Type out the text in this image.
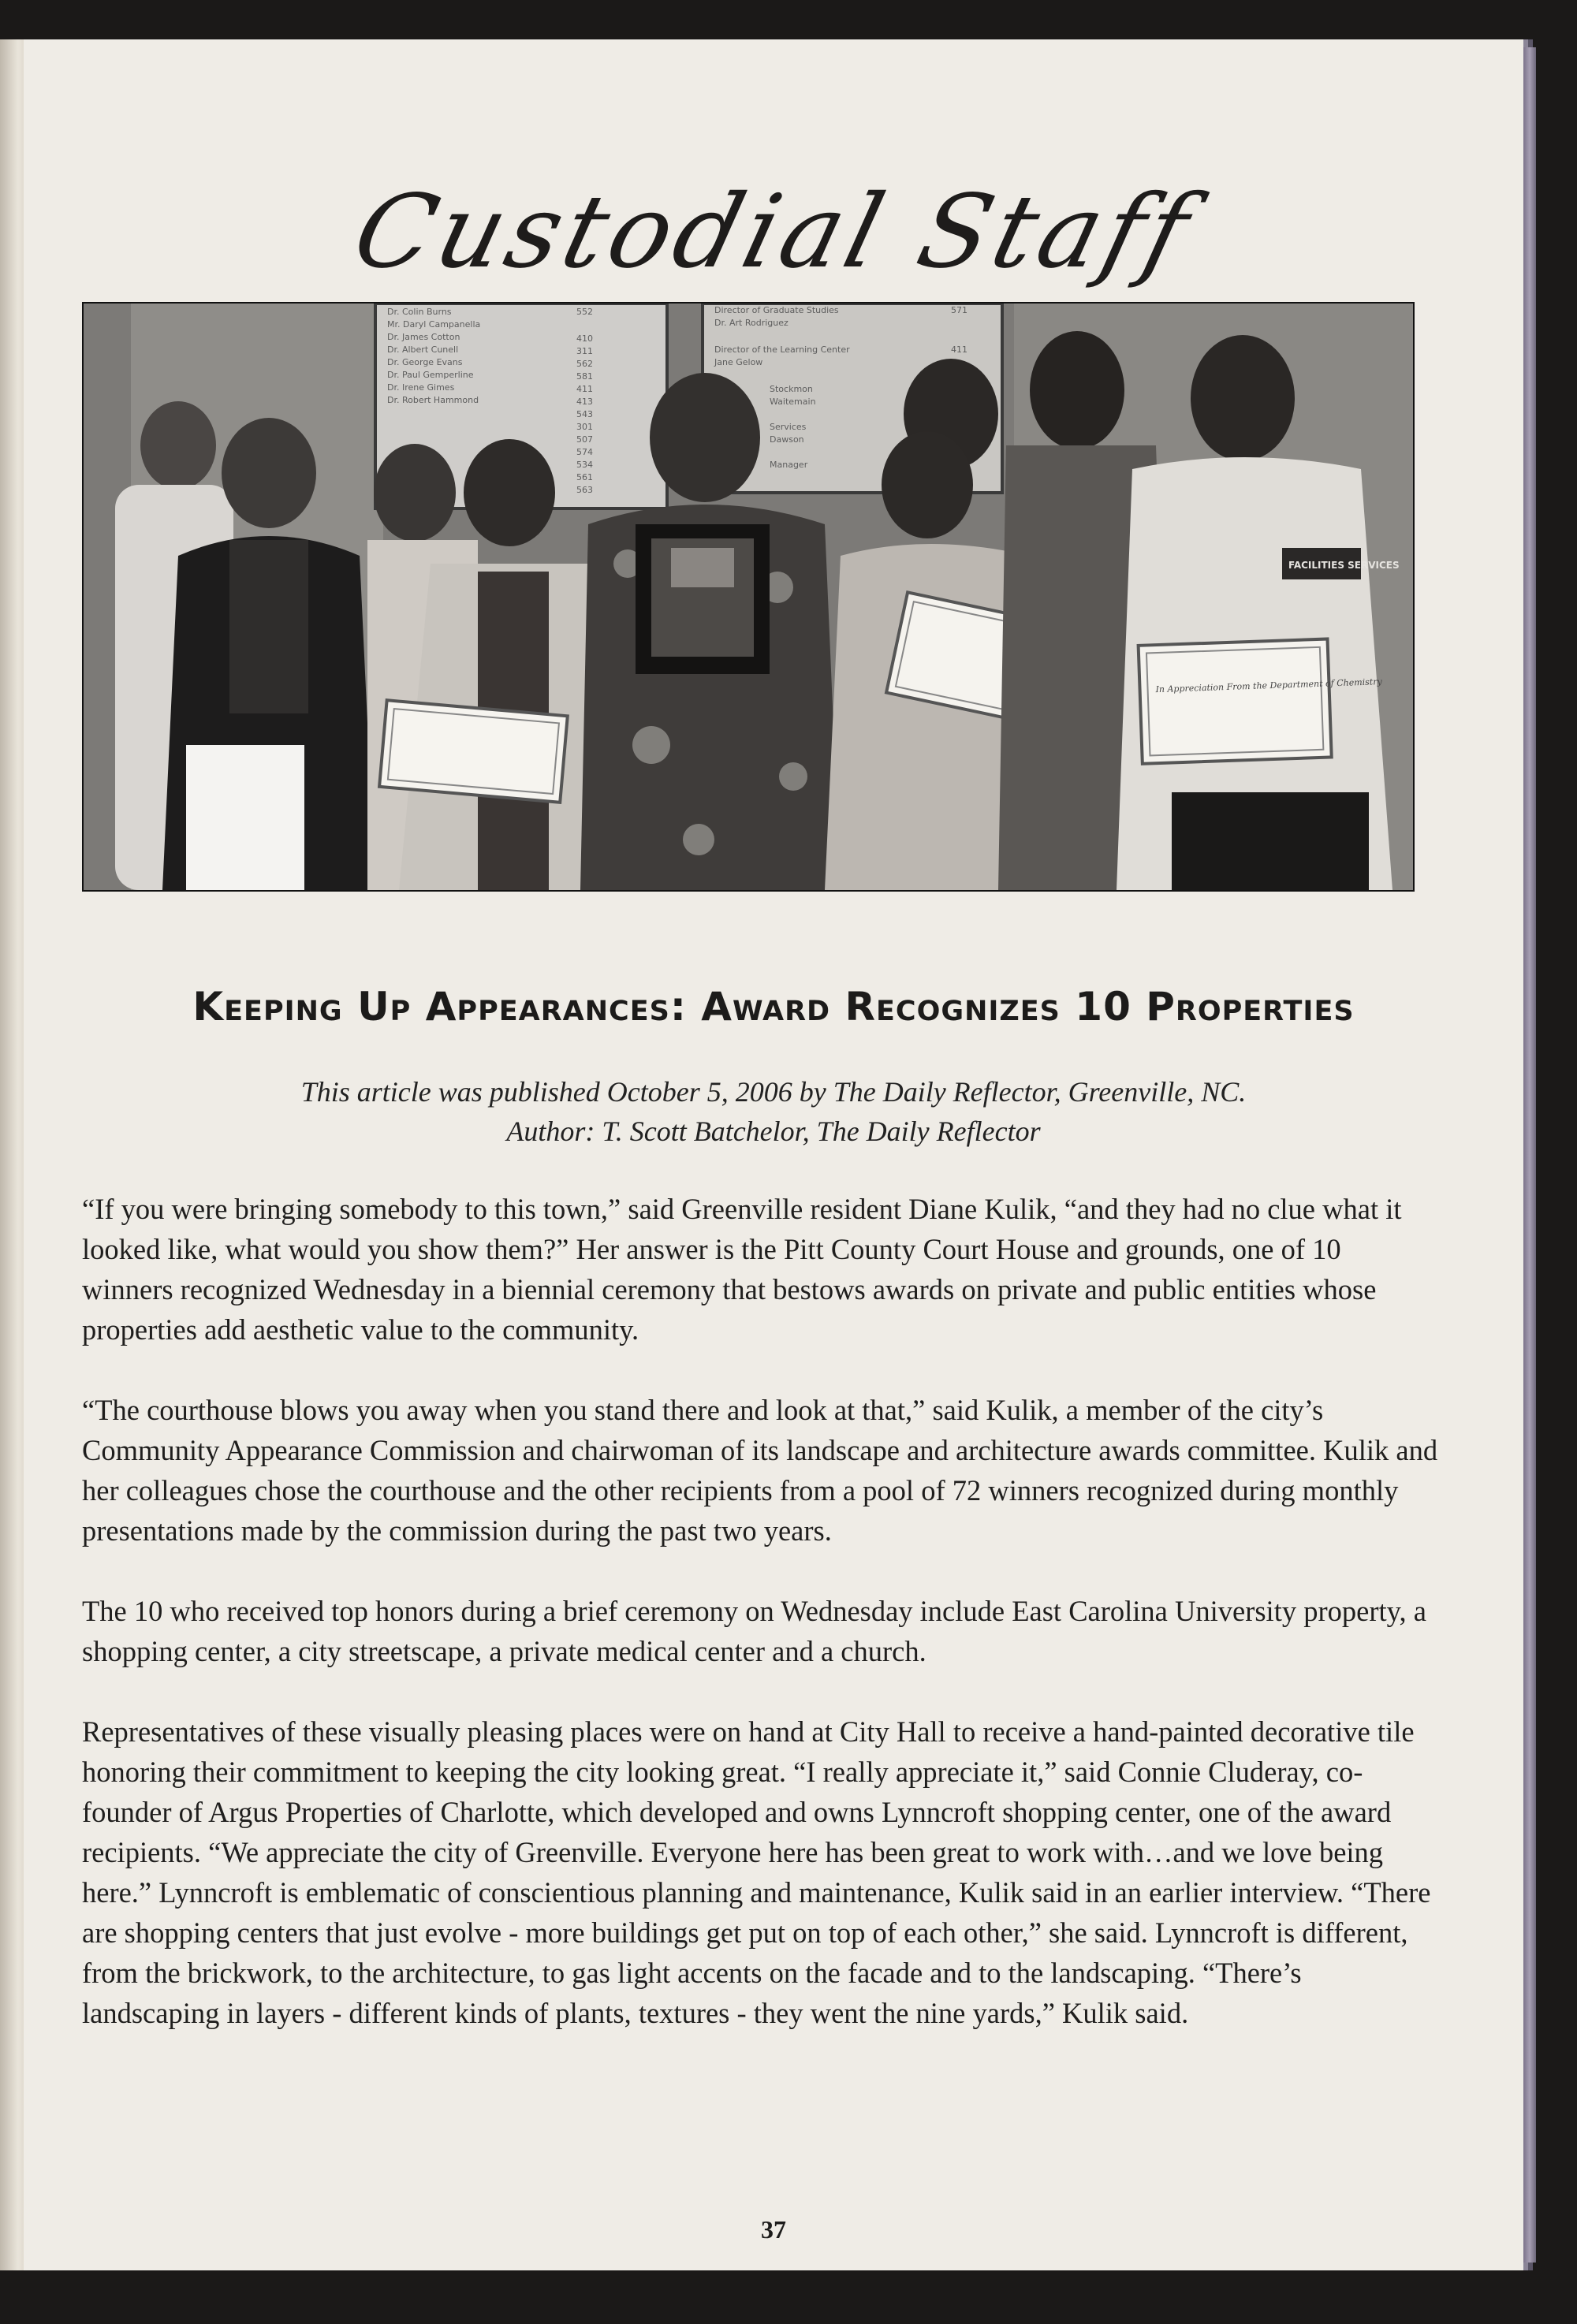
Custodial Staff
Dr. Colin Burns
Mr. Daryl Campanella
Dr. James Cotton
Dr. Albert Cunell
Dr. George Evans
Dr. Paul Gemperline
Dr. Irene Gimes
Dr. Robert Hammond
552
410
311
562
581
411
413
543
301
507
574
534
561
563
Director of Graduate Studies
Dr. Art Rodriguez
Director of the Learning Center
Jane Gelow
Stockmon
Waitemain
Services
Dawson
Manager
571
411
FACILITIES SERVICES
In Appreciation From the Department of Chemistry
Keeping Up Appearances: Award Recognizes 10 Properties
This article was published October 5, 2006 by The Daily Reflector, Greenville, NC.
Author: T. Scott Batchelor, The Daily Reflector

“If you were bringing somebody to this town,” said Greenville resident Diane Kulik, “and they had no clue what it looked like, what would you show them?” Her answer is the Pitt County Court House and grounds, one of 10 winners recognized Wednesday in a biennial ceremony that bestows awards on private and public entities whose properties add aesthetic value to the community.

“The courthouse blows you away when you stand there and look at that,” said Kulik, a member of the city’s Community Appearance Commission and chairwoman of its landscape and architecture awards committee. Kulik and her colleagues chose the courthouse and the other recipients from a pool of 72 winners recognized during monthly presentations made by the commission during the past two years.

The 10 who received top honors during a brief ceremony on Wednesday include East Carolina University property, a shopping center, a city streetscape, a private medical center and a church.

Representatives of these visually pleasing places were on hand at City Hall to receive a hand-painted decorative tile honoring their commitment to keeping the city looking great. “I really appreciate it,” said Connie Cluderay, co-founder of Argus Properties of Charlotte, which developed and owns Lynncroft shopping center, one of the award recipients. “We appreciate the city of Greenville. Everyone here has been great to work with…and we love being here.” Lynncroft is emblematic of conscientious planning and maintenance, Kulik said in an earlier interview. “There are shopping centers that just evolve - more buildings get put on top of each other,” she said. Lynncroft is different, from the brickwork, to the architecture, to gas light accents on the facade and to the landscaping. “There’s landscaping in layers - different kinds of plants, textures - they went the nine yards,” Kulik said.

37
